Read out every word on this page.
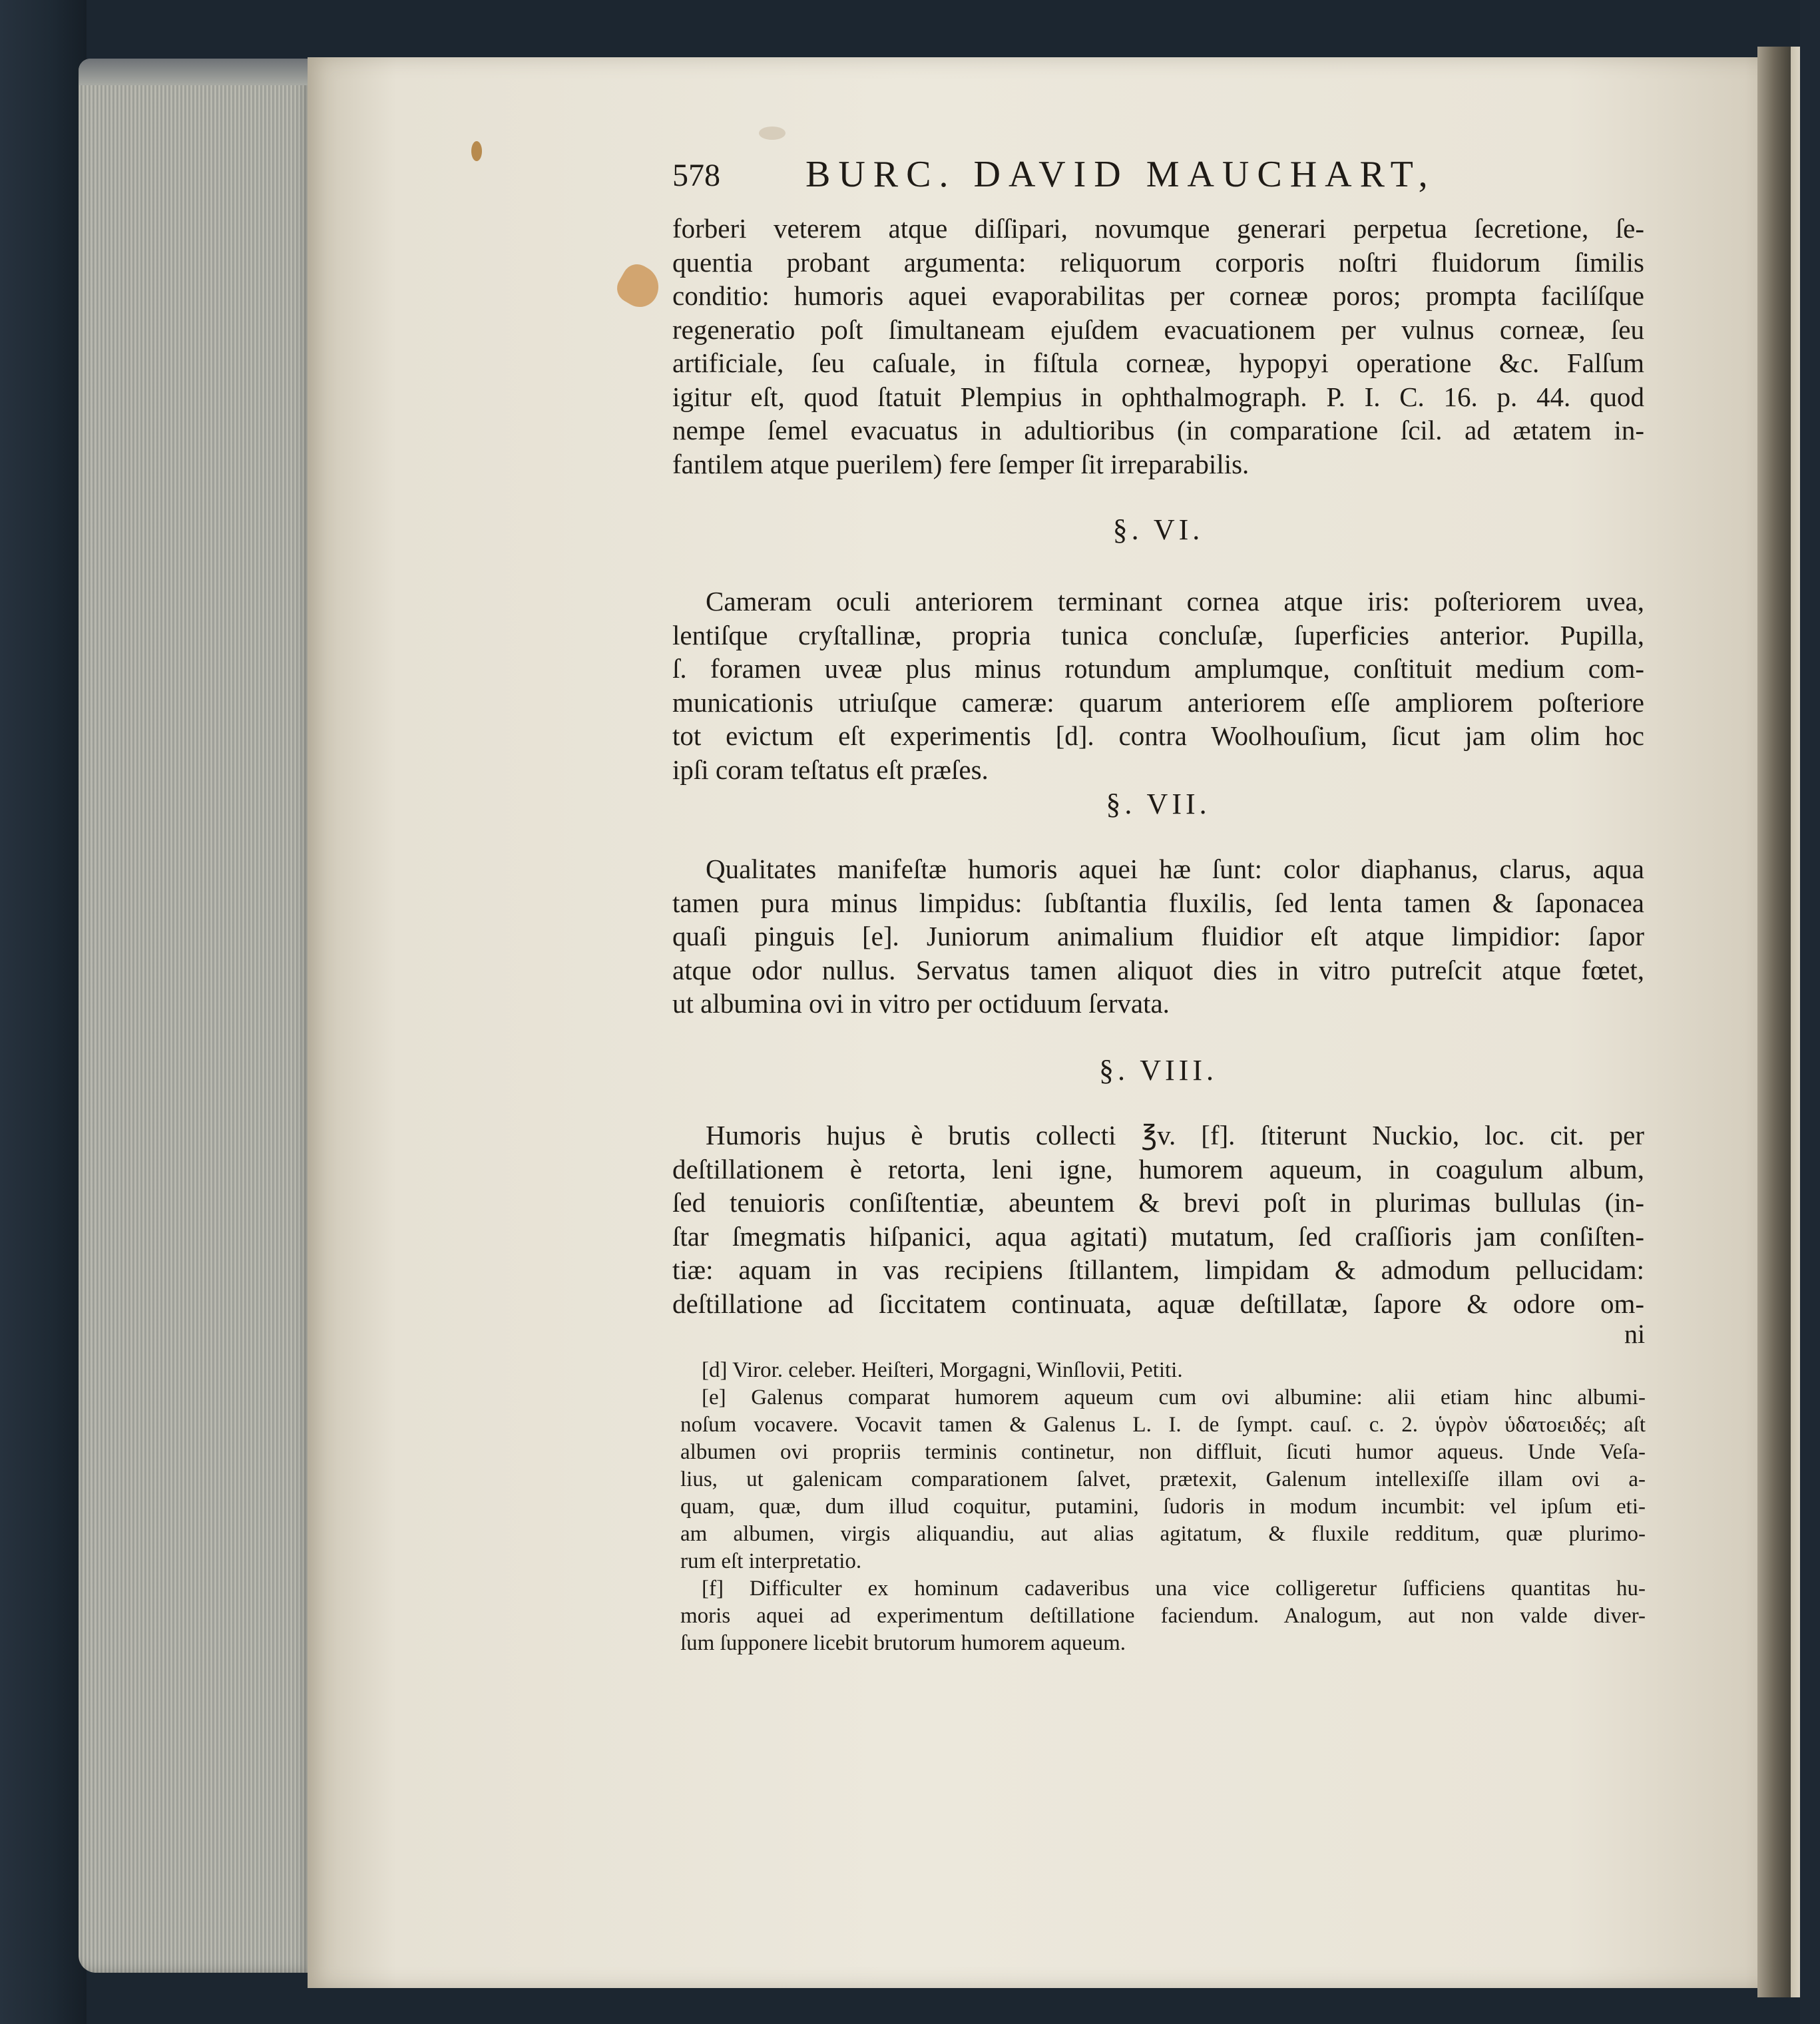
578 BURC. DAVID MAUCHART,
forberi veterem atque diſſipari, novumque generari perpetua ſecretione, ſe-
quentia probant argumenta: reliquorum corporis noſtri fluidorum ſimilis
conditio: humoris aquei evaporabilitas per corneæ poros; prompta facilíſque
regeneratio poſt ſimultaneam ejuſdem evacuationem per vulnus corneæ, ſeu
artificiale, ſeu caſuale, in fiſtula corneæ, hypopyi operatione &c. Falſum
igitur eſt, quod ſtatuit Plempius in ophthalmograph. P. I. C. 16. p. 44. quod
nempe ſemel evacuatus in adultioribus (in comparatione ſcil. ad ætatem in-
fantilem atque puerilem) fere ſemper ſit irreparabilis.
§. VI.
Cameram oculi anteriorem terminant cornea atque iris: poſteriorem uvea,
lentiſque cryſtallinæ, propria tunica concluſæ, ſuperficies anterior. Pupilla,
ſ. foramen uveæ plus minus rotundum amplumque, conſtituit medium com-
municationis utriuſque cameræ: quarum anteriorem eſſe ampliorem poſteriore
tot evictum eſt experimentis [d]. contra Woolhouſium, ſicut jam olim hoc
ipſi coram teſtatus eſt præſes.
§. VII.
Qualitates manifeſtæ humoris aquei hæ ſunt: color diaphanus, clarus, aqua
tamen pura minus limpidus: ſubſtantia fluxilis, ſed lenta tamen & ſaponacea
quaſi pinguis [e]. Juniorum animalium fluidior eſt atque limpidior: ſapor
atque odor nullus. Servatus tamen aliquot dies in vitro putreſcit atque fœtet,
ut albumina ovi in vitro per octiduum ſervata.
§. VIII.
Humoris hujus è brutis collecti ℥v. [f]. ſtiterunt Nuckio, loc. cit. per
deſtillationem è retorta, leni igne, humorem aqueum, in coagulum album,
ſed tenuioris conſiſtentiæ, abeuntem & brevi poſt in plurimas bullulas (in-
ſtar ſmegmatis hiſpanici, aqua agitati) mutatum, ſed craſſioris jam conſiſten-
tiæ: aquam in vas recipiens ſtillantem, limpidam & admodum pellucidam:
deſtillatione ad ſiccitatem continuata, aquæ deſtillatæ, ſapore & odore om-
ni
[d] Viror. celeber. Heiſteri, Morgagni, Winſlovii, Petiti.
[e] Galenus comparat humorem aqueum cum ovi albumine: alii etiam hinc albumi-
noſum vocavere. Vocavit tamen & Galenus L. I. de ſympt. cauſ. c. 2. ὑγρὸν ὑδατοειδές; aſt
albumen ovi propriis terminis continetur, non diffluit, ſicuti humor aqueus. Unde Veſa-
lius, ut galenicam comparationem ſalvet, prætexit, Galenum intellexiſſe illam ovi a-
quam, quæ, dum illud coquitur, putamini, ſudoris in modum incumbit: vel ipſum eti-
am albumen, virgis aliquandiu, aut alias agitatum, & fluxile redditum, quæ plurimo-
rum eſt interpretatio.
[f] Difficulter ex hominum cadaveribus una vice colligeretur ſufficiens quantitas hu-
moris aquei ad experimentum deſtillatione faciendum. Analogum, aut non valde diver-
ſum ſupponere licebit brutorum humorem aqueum.
